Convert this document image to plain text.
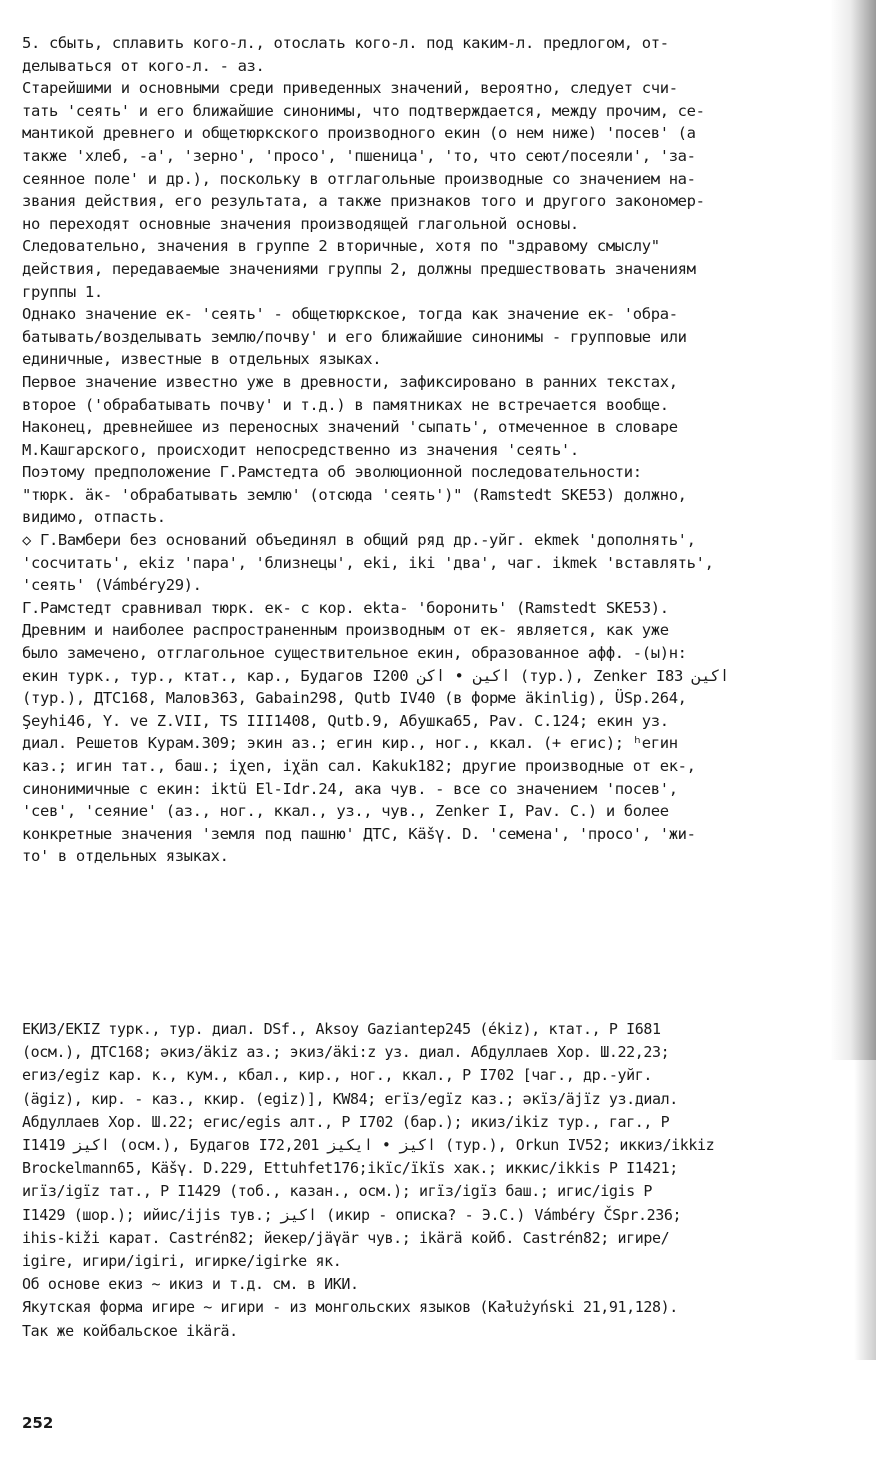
5. сбыть, сплавить кого-л., отослать кого-л. под каким-л. предлогом, от-
делываться от кого-л. - аз.
Старейшими и основными среди приведенных значений, вероятно, следует счи-
тать 'сеять' и его ближайшие синонимы, что подтверждается, между прочим, се-
мантикой древнего и общетюркского производного екин (о нем ниже) 'посев' (а
также 'хлеб, -а', 'зерно', 'просо', 'пшеница', 'то, что сеют/посеяли', 'за-
сеянное поле' и др.), поскольку в отглагольные производные со значением на-
звания действия, его результата, а также признаков того и другого закономер-
но переходят основные значения производящей глагольной основы.
Следовательно, значения в группе 2 вторичные, хотя по "здравому смыслу"
действия, передаваемые значениями группы 2, должны предшествовать значениям
группы 1.
Однако значение ек- 'сеять' - общетюркское, тогда как значение ек- 'обра-
батывать/возделывать землю/почву' и его ближайшие синонимы - групповые или
единичные, известные в отдельных языках.
Первое значение известно уже в древности, зафиксировано в ранних текстах,
второе ('обрабатывать почву' и т.д.) в памятниках не встречается вообще.
Наконец, древнейшее из переносных значений 'сыпать', отмеченное в словаре
М.Кашгарского, происходит непосредственно из значения 'сеять'.
Поэтому предположение Г.Рамстедта об эволюционной последовательности:
"тюрк. äк- 'обрабатывать землю' (отсюда 'сеять')" (Ramstedt SKE53) должно,
видимо, отпасть.
◇ Г.Вамбери без оснований объединял в общий ряд др.-уйг. ekmek 'дополнять',
'сосчитать', ekiz 'пара', 'близнецы', eki, iki 'два', чаг. ikmek 'вставлять',
'сеять' (Vámbéry29).
Г.Рамстедт сравнивал тюрк. ек- с кор. ekta- 'боронить' (Ramstedt SKE53).
Древним и наиболее распространенным производным от ек- является, как уже
было замечено, отглагольное существительное екин, образованное афф. -(ы)н:
екин турк., тур., ктат., кар., Будагов I200 اكين • اكن (тур.), Zenker I83 اكين
(тур.), ДТС168, Малов363, Gabain298, Qutb IV40 (в форме äkinlig), ÜSp.264,
Şeyhi46, Y. ve Z.VII, TS III1408, Qutb.9, Абушка65, Pav. C.124; екин уз.
диал. Решетов Курам.309; экин аз.; егин кир., ног., ккал. (+ егис); ʰегин
каз.; игин тат., баш.; iχen, iχän сал. Kakuk182; другие производные от ек-,
синонимичные с екин: iktü El-Idr.24, ака чув. - все со значением 'посев',
'сев', 'сеяние' (аз., ног., ккал., уз., чув., Zenker I, Pav. C.) и более
конкретные значения 'земля под пашню' ДТС, Käšγ. D. 'семена', 'просо', 'жи-
то' в отдельных языках.

ЕКИЗ/EKIZ турк., тур. диал. DSf., Aksoy Gaziantep245 (ékiz), ктат., Р I681
(осм.), ДТС168; әкиз/äkiz аз.; экиз/äki:z уз. диал. Абдуллаев Хор. Ш.22,23;
егиз/egiz кар. к., кум., кбал., кир., ног., ккал., Р I702 [чаг., др.-уйг.
(ägiz), кир. - каз., ккир. (egiz)], KW84; егїз/egïz каз.; әкїз/äjïz уз.диал.
Абдуллаев Хор. Ш.22; егис/egis алт., Р I702 (бар.); икиз/ikiz тур., гаг., Р
I1419 اكيز (осм.), Будагов I72,201 اكيز • ايكيز (тур.), Orkun IV52; иккиз/ikkiz
Brockelmann65, Käšγ. D.229, Ettuhfet176;ikïc/ïkïs хак.; иккис/ikkis Р I1421;
игїз/igïz тат., Р I1429 (тоб., казан., осм.); игїз/igïз баш.; игис/igis Р
I1429 (шор.); ийис/ijis тув.; اكيز (икир - описка? - Э.С.) Vámbéry ČSpr.236;
ihis-kiži карат. Castrén82; йекер/jäγär чув.; ikärä койб. Castrén82; игире/
igire, игири/igiri, игирке/igirke як.
Об основе екиз ~ икиз и т.д. см. в ИКИ.
Якутская форма игире ~ игири - из монгольских языков (Kałużyński 21,91,128).
Так же койбальское ikärä.

252
